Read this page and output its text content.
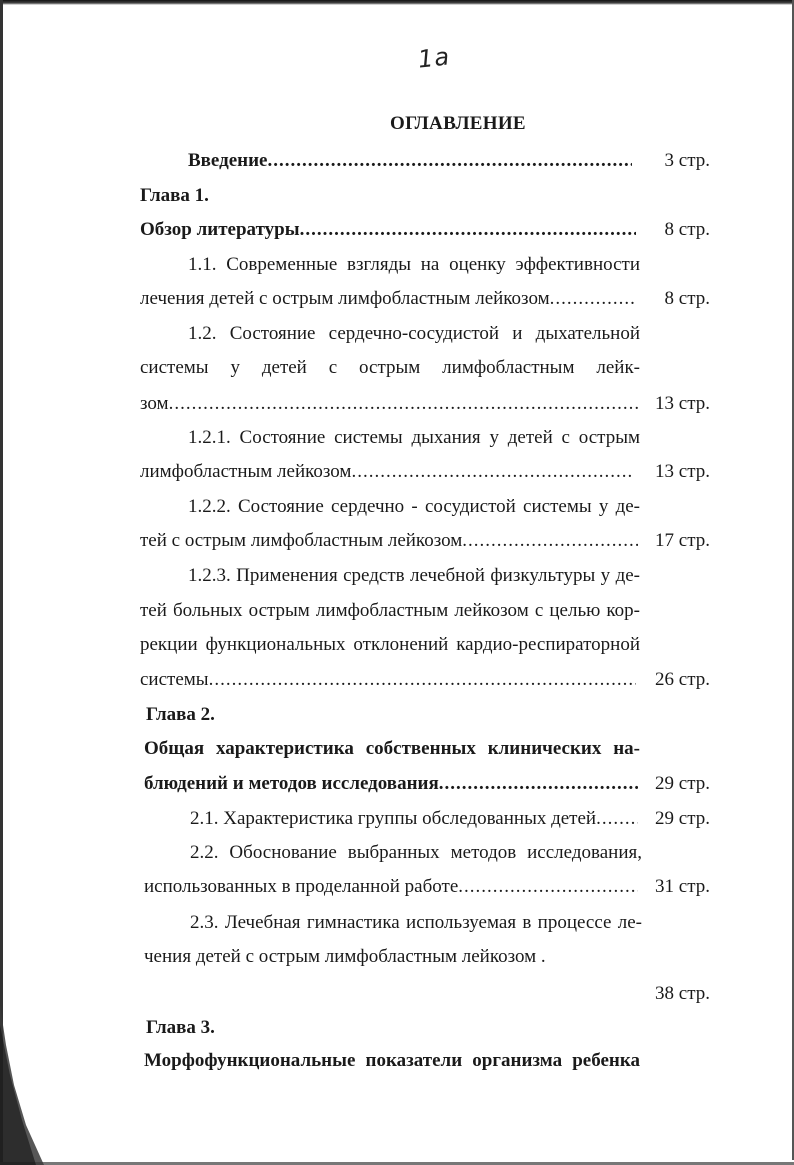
1a
ОГЛАВЛЕНИЕ
Введение .....	3 стр.
Глава 1.
Обзор литературы .....	8 стр.
1.1. Современные взгляды на оценку эффективности
лечения детей с острым лимфобластным лейкозом .....	8 стр.
1.2. Состояние сердечно-сосудистой и дыхательной
системы у детей с острым лимфобластным лейк-
зом .....	13 стр.
1.2.1. Состояние системы дыхания у детей с острым
лимфобластным лейкозом .....	13 стр.
1.2.2. Состояние сердечно - сосудистой системы у де-
тей с острым лимфобластным лейкозом .....	17 стр.
1.2.3. Применения средств лечебной физкультуры у де-
тей больных острым лимфобластным лейкозом с целью кор-
рекции функциональных отклонений кардио-респираторной
системы .....	26 стр.
Глава 2.
Общая характеристика собственных клинических на-
блюдений и методов исследования .....	29 стр.
2.1. Характеристика группы обследованных детей .....	29 стр.
2.2. Обоснование выбранных методов исследования,
использованных в проделанной работе .....	31 стр.
2.3. Лечебная гимнастика используемая в процессе ле-
чения детей с острым лимфобластным лейкозом .
38 стр.
Глава 3.
Морфофункциональные показатели организма ребенка
